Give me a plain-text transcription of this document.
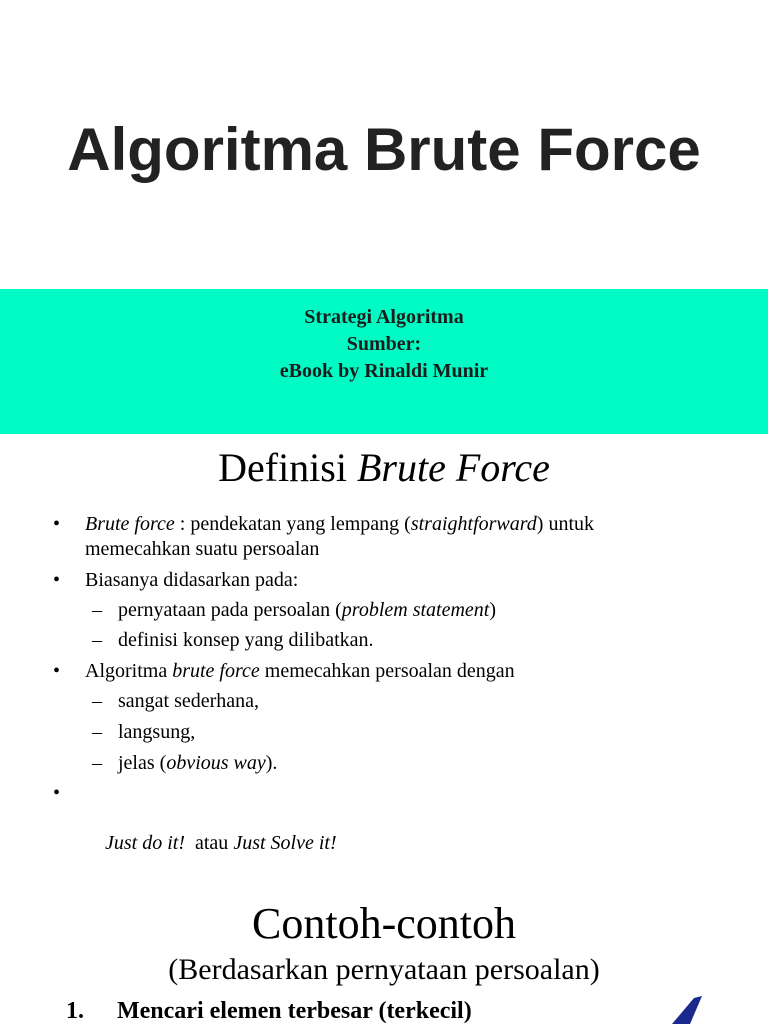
Algoritma Brute Force
Strategi Algoritma
Sumber:
eBook by Rinaldi Munir
Definisi Brute Force
• Brute force : pendekatan yang lempang (straightforward) untuk
memecahkan suatu persoalan
• Biasanya didasarkan pada:
– pernyataan pada persoalan (problem statement)
– definisi konsep yang dilibatkan.
• Algoritma brute force memecahkan persoalan dengan
– sangat sederhana,
– langsung,
– jelas (obvious way).

•

Just do it!  atau Just Solve it!

Contoh-contoh
(Berdasarkan pernyataan persoalan)
1. Mencari elemen terbesar (terkecil)
